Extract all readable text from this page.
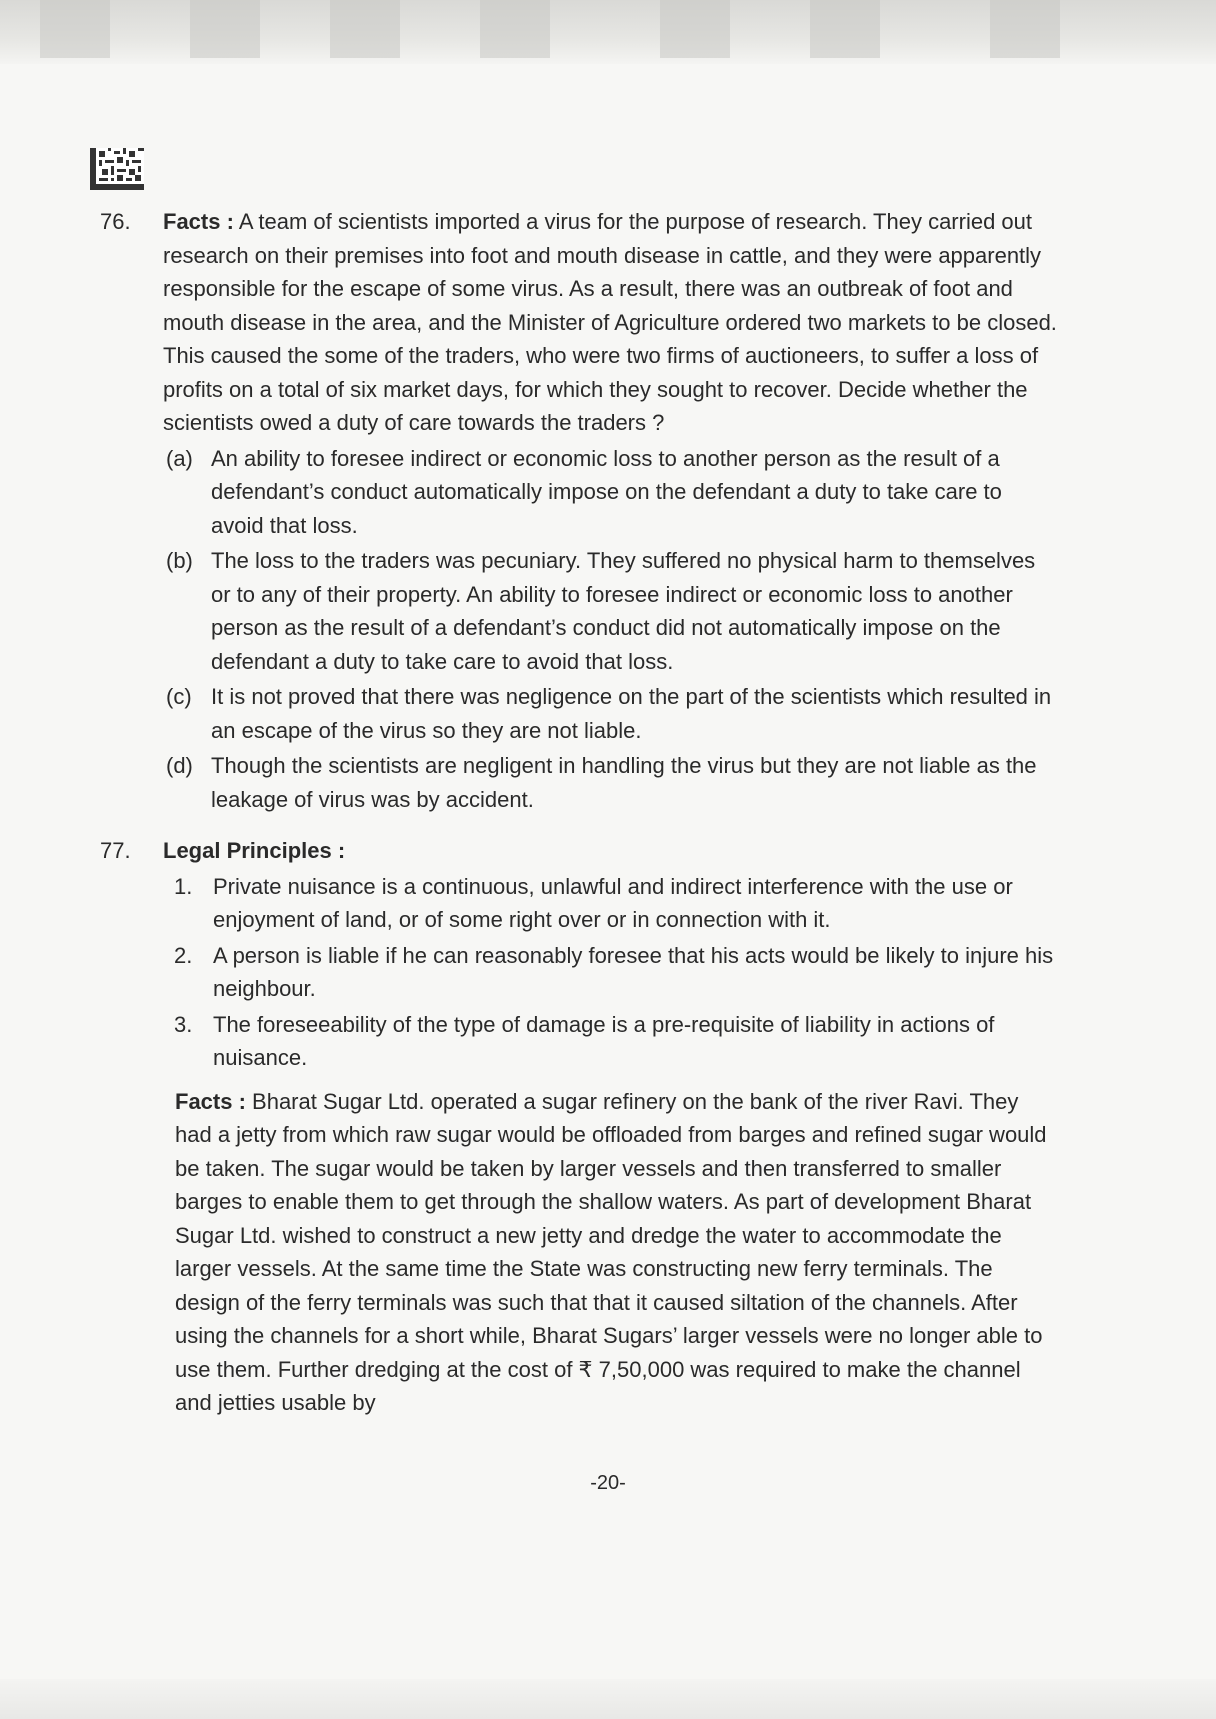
76. Facts : A team of scientists imported a virus for the purpose of research. They carried out research on their premises into foot and mouth disease in cattle, and they were apparently responsible for the escape of some virus. As a result, there was an outbreak of foot and mouth disease in the area, and the Minister of Agriculture ordered two markets to be closed. This caused the some of the traders, who were two firms of auctioneers, to suffer a loss of profits on a total of six market days, for which they sought to recover. Decide whether the scientists owed a duty of care towards the traders ?

(a) An ability to foresee indirect or economic loss to another person as the result of a defendant’s conduct automatically impose on the defendant a duty to take care to avoid that loss.
(b) The loss to the traders was pecuniary. They suffered no physical harm to themselves or to any of their property. An ability to foresee indirect or economic loss to another person as the result of a defendant’s conduct did not automatically impose on the defendant a duty to take care to avoid that loss.
(c) It is not proved that there was negligence on the part of the scientists which resulted in an escape of the virus so they are not liable.
(d) Though the scientists are negligent in handling the virus but they are not liable as the leakage of virus was by accident.
77. Legal Principles :

1. Private nuisance is a continuous, unlawful and indirect interference with the use or enjoyment of land, or of some right over or in connection with it.
2. A person is liable if he can reasonably foresee that his acts would be likely to injure his neighbour.
3. The foreseeability of the type of damage is a pre-requisite of liability in actions of nuisance.

Facts : Bharat Sugar Ltd. operated a sugar refinery on the bank of the river Ravi. They had a jetty from which raw sugar would be offloaded from barges and refined sugar would be taken. The sugar would be taken by larger vessels and then transferred to smaller barges to enable them to get through the shallow waters. As part of development Bharat Sugar Ltd. wished to construct a new jetty and dredge the water to accommodate the larger vessels. At the same time the State was constructing new ferry terminals. The design of the ferry terminals was such that that it caused siltation of the channels. After using the channels for a short while, Bharat Sugars’ larger vessels were no longer able to use them. Further dredging at the cost of ₹ 7,50,000 was required to make the channel and jetties usable by

-20-
